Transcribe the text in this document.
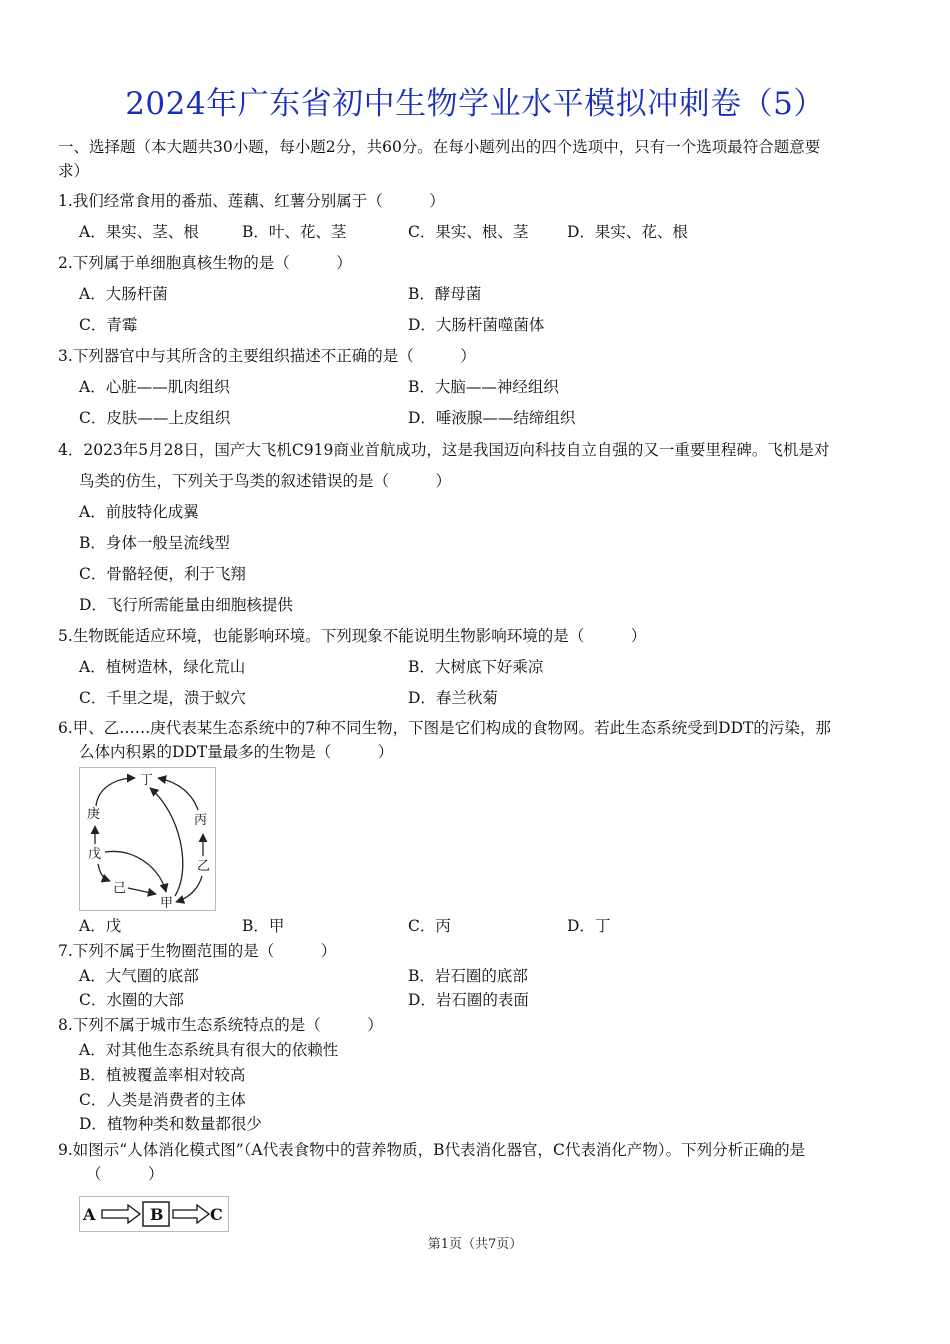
2024年广东省初中生物学业水平模拟冲刺卷（5）
一、选择题（本大题共30小题，每小题2分，共60分。在每小题列出的四个选项中，只有一个选项最符合题意要
求）
1.我们经常食用的番茄、莲藕、红薯分别属于（　　　）
A．果实、茎、根	B．叶、花、茎	C．果实、根、茎 D．果实、花、根
2.下列属于单细胞真核生物的是（　　　）
A．大肠杆菌	B．酵母菌
C．青霉	D．大肠杆菌噬菌体
3.下列器官中与其所含的主要组织描述不正确的是（　　　）
A．心脏——肌肉组织	B．大脑——神经组织
C．皮肤——上皮组织	D．唾液腺——结缔组织
4．2023年5月28日，国产大飞机C919商业首航成功，这是我国迈向科技自立自强的又一重要里程碑。飞机是对
鸟类的仿生，下列关于鸟类的叙述错误的是（　　　）
A．前肢特化成翼
B．身体一般呈流线型
C．骨骼轻便，利于飞翔
D．飞行所需能量由细胞核提供
5.生物既能适应环境，也能影响环境。下列现象不能说明生物影响环境的是（　　　）
A．植树造林，绿化荒山	B．大树底下好乘凉
C．千里之堤，溃于蚁穴	D．春兰秋菊
6.甲、乙……庚代表某生态系统中的7种不同生物，下图是它们构成的食物网。若此生态系统受到DDT的污染，那
么体内积累的DDT量最多的生物是（　　　）
丁
庚	丙
戊
乙
己
甲
A．戊	B．甲	C．丙	D．丁
7.下列不属于生物圈范围的是（　　　）
A．大气圈的底部	B．岩石圈的底部
C．水圈的大部	D．岩石圈的表面
8.下列不属于城市生态系统特点的是（　　　）
A．对其他生态系统具有很大的依赖性
B．植被覆盖率相对较高
C．人类是消费者的主体
D．植物种类和数量都很少
9.如图示“人体消化模式图”（A代表食物中的营养物质，B代表消化器官，C代表消化产物）。下列分析正确的是
（　　　）
A	B	C
第1页（共7页）
